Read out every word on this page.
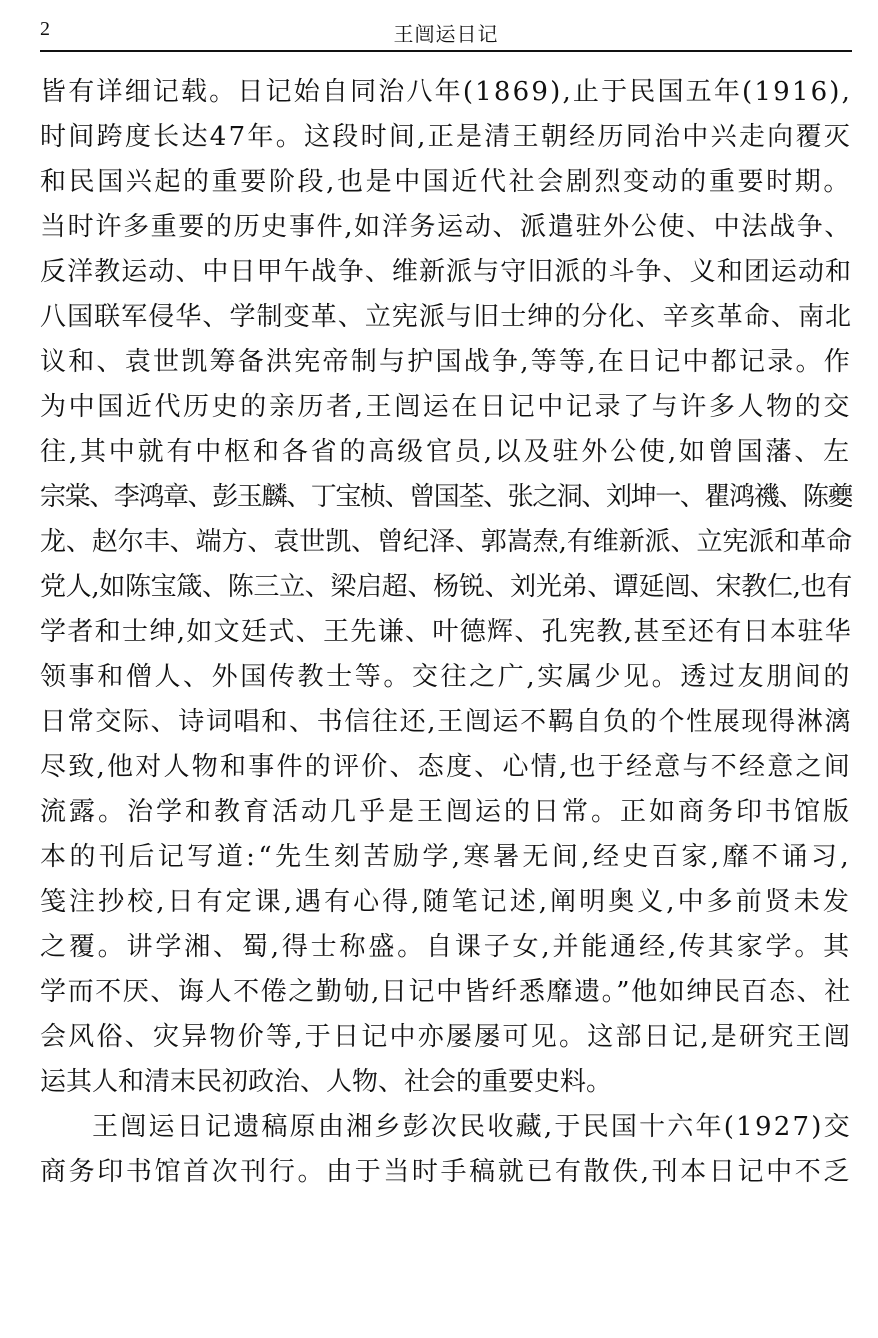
2	王闿运日记
皆有详细记载。日记始自同治八年(1869),止于民国五年(1916),
时间跨度长达47年。这段时间,正是清王朝经历同治中兴走向覆灭
和民国兴起的重要阶段,也是中国近代社会剧烈变动的重要时期。
当时许多重要的历史事件,如洋务运动、派遣驻外公使、中法战争、
反洋教运动、中日甲午战争、维新派与守旧派的斗争、义和团运动和
八国联军侵华、学制变革、立宪派与旧士绅的分化、辛亥革命、南北
议和、袁世凯筹备洪宪帝制与护国战争,等等,在日记中都记录。作
为中国近代历史的亲历者,王闿运在日记中记录了与许多人物的交
往,其中就有中枢和各省的高级官员,以及驻外公使,如曾国藩、左
宗棠、李鸿章、彭玉麟、丁宝桢、曾国荃、张之洞、刘坤一、瞿鸿禨、陈夔
龙、赵尔丰、端方、袁世凯、曾纪泽、郭嵩焘,有维新派、立宪派和革命
党人,如陈宝箴、陈三立、梁启超、杨锐、刘光弟、谭延闿、宋教仁,也有
学者和士绅,如文廷式、王先谦、叶德辉、孔宪教,甚至还有日本驻华
领事和僧人、外国传教士等。交往之广,实属少见。透过友朋间的
日常交际、诗词唱和、书信往还,王闿运不羁自负的个性展现得淋漓
尽致,他对人物和事件的评价、态度、心情,也于经意与不经意之间
流露。治学和教育活动几乎是王闿运的日常。正如商务印书馆版
本的刊后记写道:“先生刻苦励学,寒暑无间,经史百家,靡不诵习,
笺注抄校,日有定课,遇有心得,随笔记述,阐明奥义,中多前贤未发
之覆。讲学湘、蜀,得士称盛。自课子女,并能通经,传其家学。其
学而不厌、诲人不倦之勤劬,日记中皆纤悉靡遗。”他如绅民百态、社
会风俗、灾异物价等,于日记中亦屡屡可见。这部日记,是研究王闿
运其人和清末民初政治、人物、社会的重要史料。
王闿运日记遗稿原由湘乡彭次民收藏,于民国十六年(1927)交
商务印书馆首次刊行。由于当时手稿就已有散佚,刊本日记中不乏
